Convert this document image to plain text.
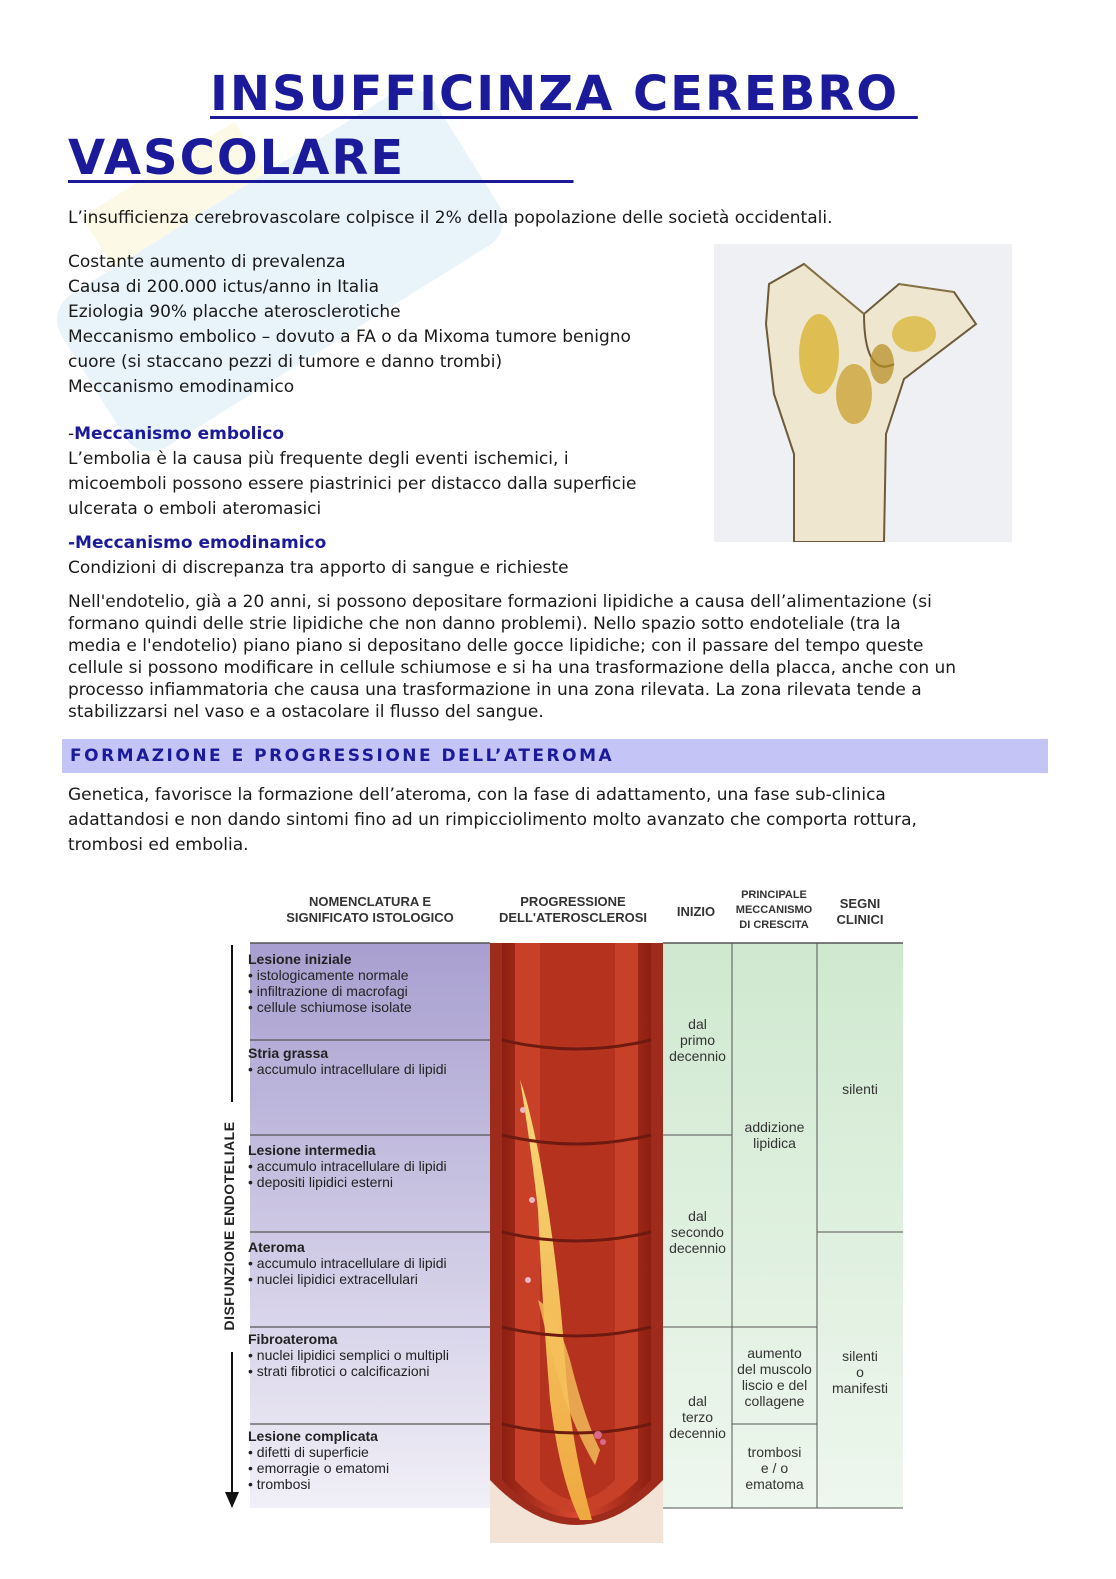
INSUFFICINZA CEREBRO
VASCOLARE
L’insufficienza cerebrovascolare colpisce il 2% della popolazione delle società occidentali.
Costante aumento di prevalenza
Causa di 200.000 ictus/anno in Italia
Eziologia 90% placche aterosclerotiche
Meccanismo embolico – dovuto a FA o da Mixoma tumore benigno
cuore (si staccano pezzi di tumore e danno trombi)
Meccanismo emodinamico
-Meccanismo embolico
L’embolia è la causa più frequente degli eventi ischemici, i
micoemboli possono essere piastrinici per distacco dalla superficie
ulcerata o emboli ateromasici
-Meccanismo emodinamico
Condizioni di discrepanza tra apporto di sangue e richieste
Nell'endotelio, già a 20 anni, si possono depositare formazioni lipidiche a causa dell’alimentazione (si
formano quindi delle strie lipidiche che non danno problemi). Nello spazio sotto endoteliale (tra la
media e l'endotelio) piano piano si depositano delle gocce lipidiche; con il passare del tempo queste
cellule si possono modificare in cellule schiumose e si ha una trasformazione della placca, anche con un
processo infiammatoria che causa una trasformazione in una zona rilevata. La zona rilevata tende a
stabilizzarsi nel vaso e a ostacolare il flusso del sangue.
FORMAZIONE E PROGRESSIONE DELL’ATEROMA
Genetica, favorisce la formazione dell’ateroma, con la fase di adattamento, una fase sub-clinica
adattandosi e non dando sintomi fino ad un rimpicciolimento molto avanzato che comporta rottura,
trombosi ed embolia.
NOMENCLATURA E
SIGNIFICATO ISTOLOGICO
PROGRESSIONE
DELL'ATEROSCLEROSI	INIZIO
PRINCIPALE
MECCANISMO
DI CRESCITA
SEGNI
CLINICI
DISFUNZIONE ENDOTELIALE
Lesione iniziale
• istologicamente normale
• infiltrazione di macrofagi
• cellule schiumose isolate
Stria grassa
• accumulo intracellulare di lipidi
Lesione intermedia
• accumulo intracellulare di lipidi
• depositi lipidici esterni
Ateroma
• accumulo intracellulare di lipidi
• nuclei lipidici extracellulari
Fibroateroma
• nuclei lipidici semplici o multipli
• strati fibrotici o calcificazioni
Lesione complicata
• difetti di superficie
• emorragie o ematomi
• trombosi
dal
primo
decennio
dal
secondo
decennio
dal
terzo
decennio
addizione
lipidica
aumento
del muscolo
liscio e del
collagene
trombosi
e / o
ematoma
silenti
silenti
o
manifesti
